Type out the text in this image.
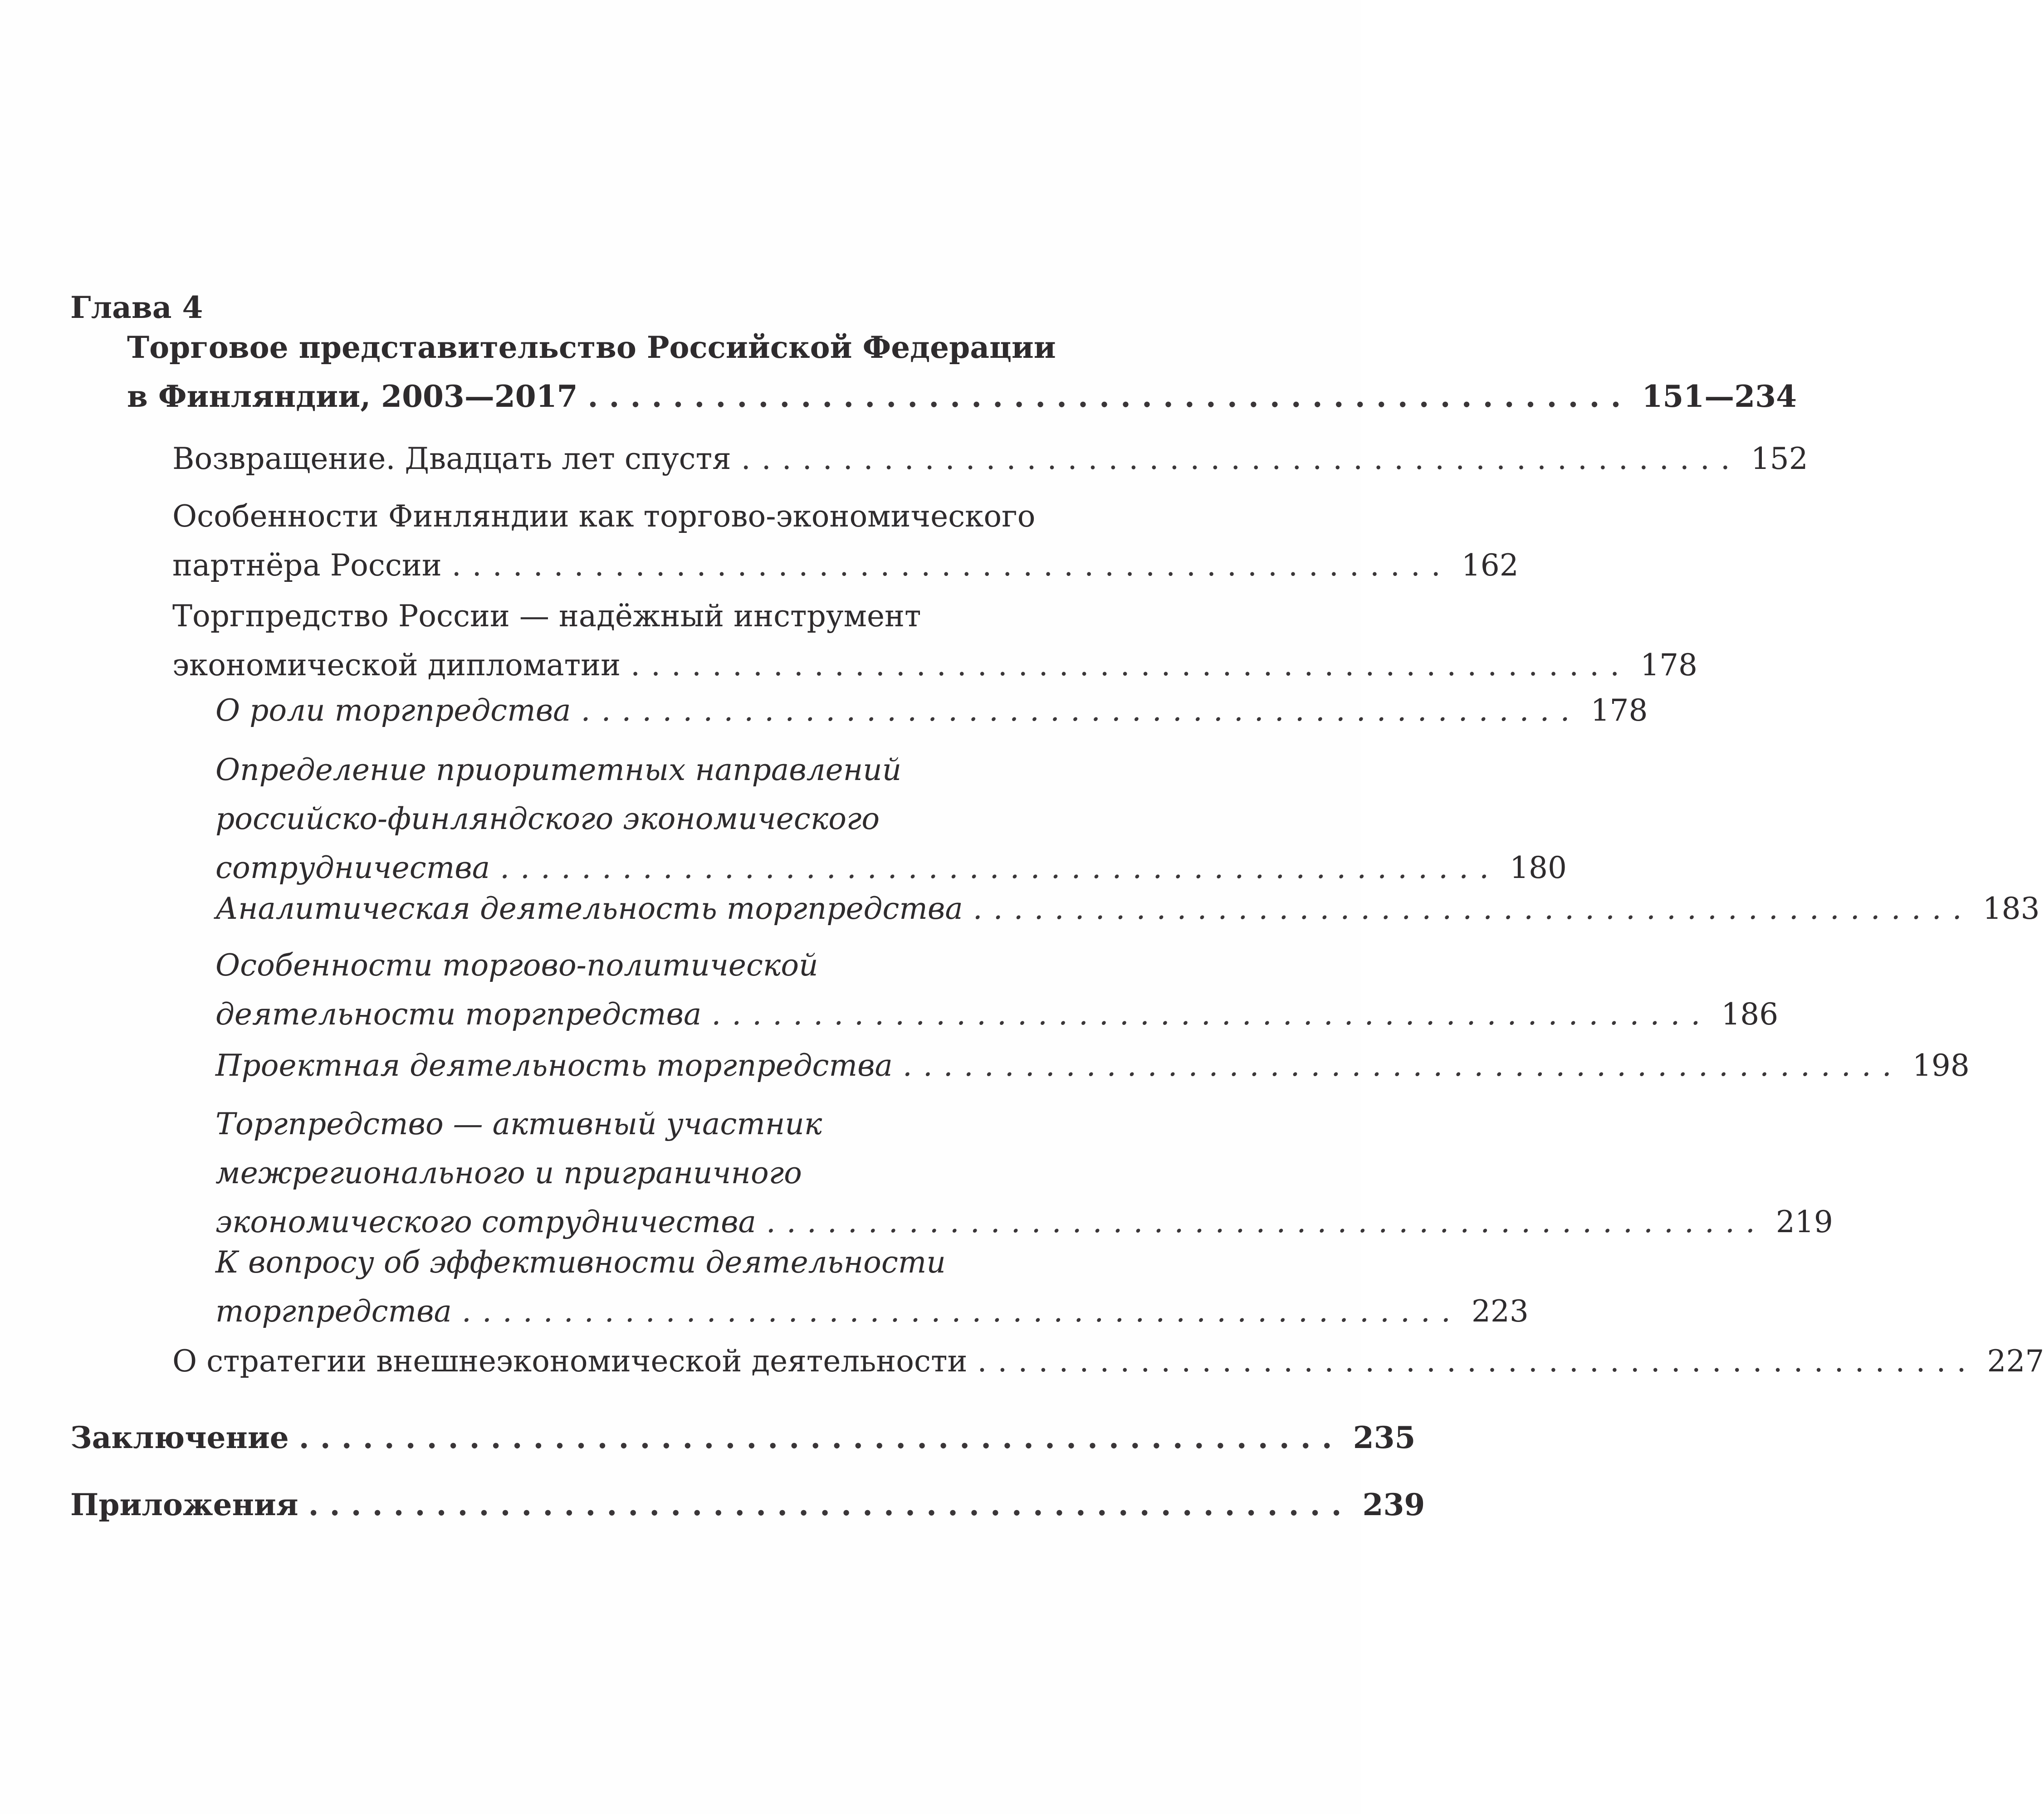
Глава 4
Торговое представительство Российской Федерации
в Финляндии, 2003—2017 ................................................. 151—234
Возвращение. Двадцать лет спустя ................................................. 152
Особенности Финляндии как торгово-экономического
партнёра России ................................................. 162
Торгпредство России — надёжный инструмент
экономической дипломатии ................................................. 178
О роли торгпредства ................................................. 178
Определение приоритетных направлений
российско-финляндского экономического
сотрудничества ................................................. 180
Аналитическая деятельность торгпредства ................................................. 183
Особенности торгово-политической
деятельности торгпредства ................................................. 186
Проектная деятельность торгпредства ................................................. 198
Торгпредство — активный участник
межрегионального и приграничного
экономического сотрудничества ................................................. 219
К вопросу об эффективности деятельности
торгпредства ................................................. 223
О стратегии внешнеэкономической деятельности ................................................. 227
Заключение ................................................. 235
Приложения ................................................. 239
